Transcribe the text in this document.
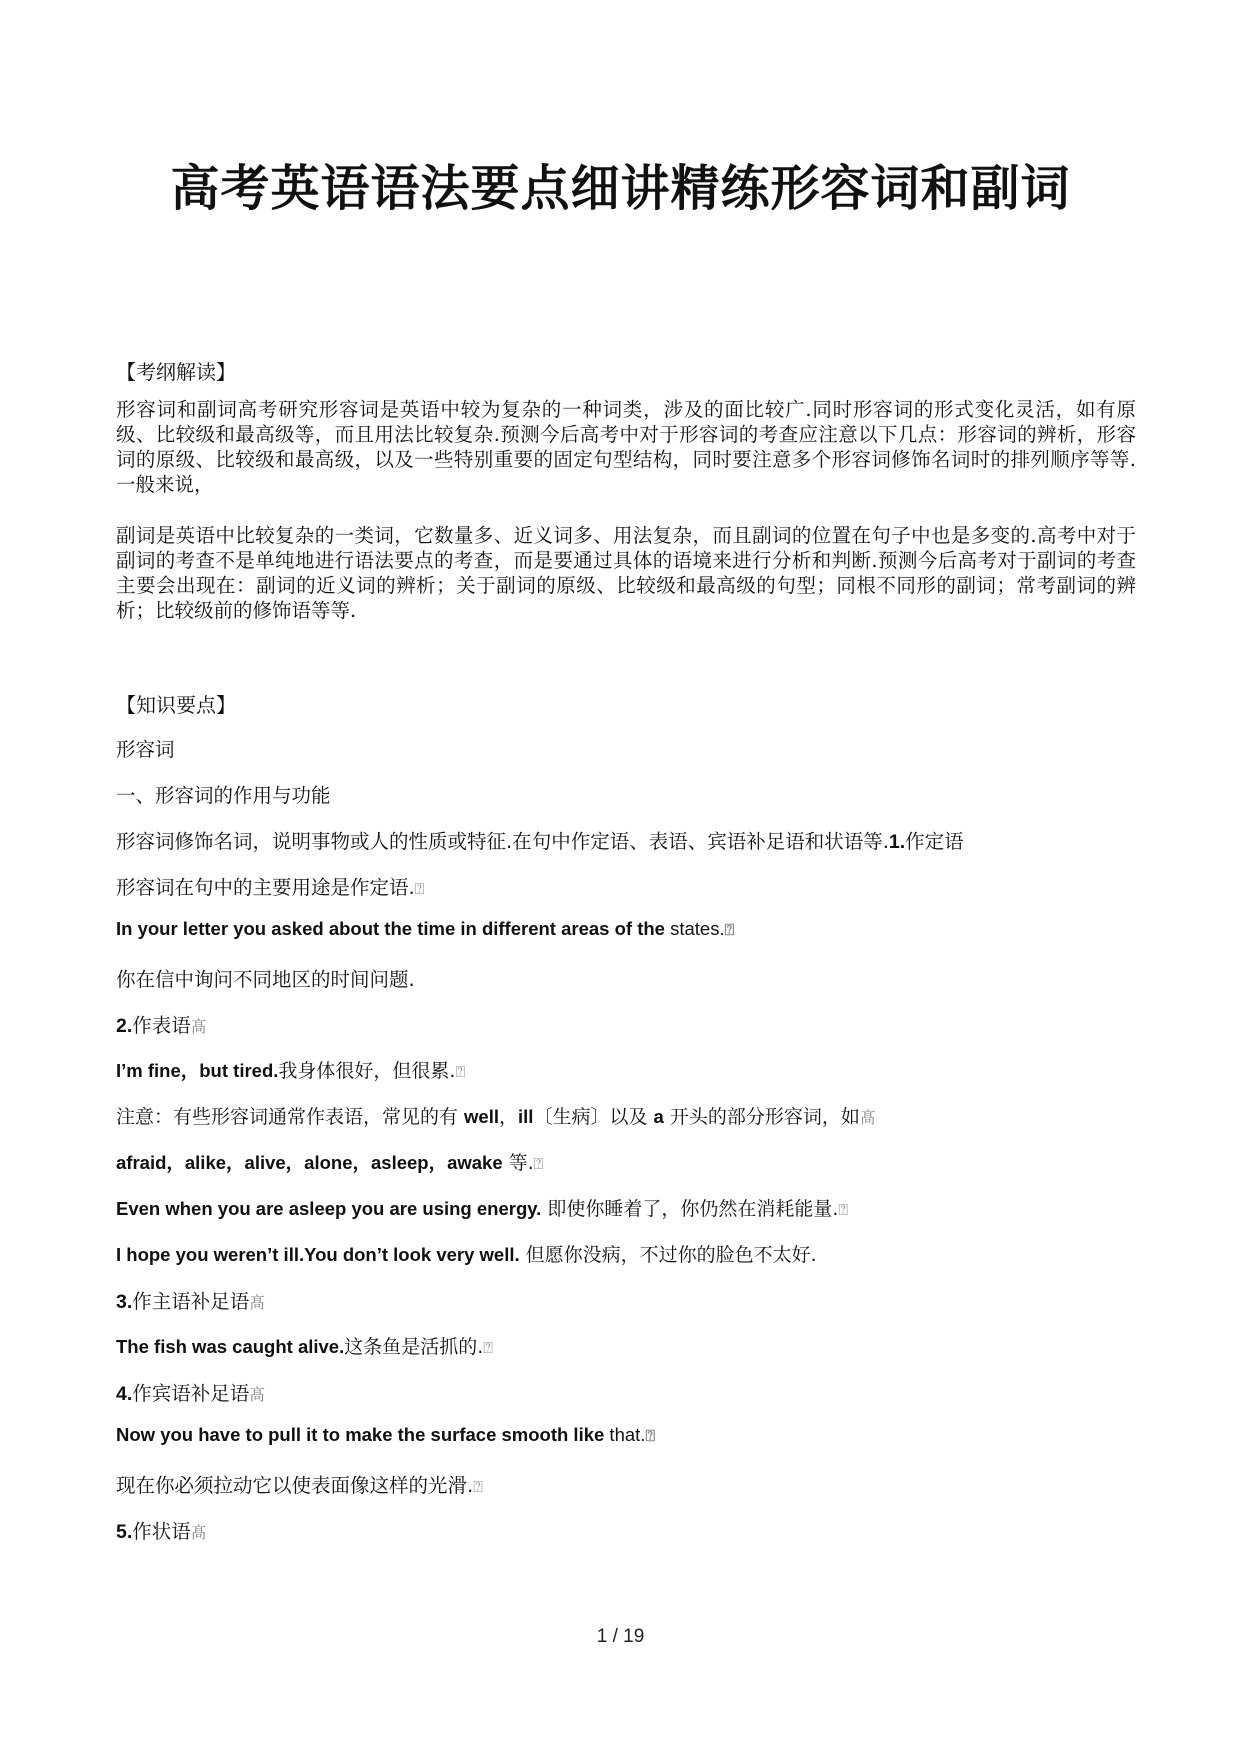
高考英语语法要点细讲精练形容词和副词
【考纲解读】
形容词和副词高考研究形容词是英语中较为复杂的一种词类，涉及的面比较广.同时形容词的形式变化灵活，如有原级、比较级和最高级等，而且用法比较复杂.预测今后高考中对于形容词的考查应注意以下几点：形容词的辨析，形容词的原级、比较级和最高级，以及一些特别重要的固定句型结构，同时要注意多个形容词修饰名词时的排列顺序等等.一般来说，
副词是英语中比较复杂的一类词，它数量多、近义词多、用法复杂，而且副词的位置在句子中也是多变的.高考中对于副词的考查不是单纯地进行语法要点的考查，而是要通过具体的语境来进行分析和判断.预测今后高考对于副词的考查主要会出现在：副词的近义词的辨析；关于副词的原级、比较级和最高级的句型；同根不同形的副词；常考副词的辨析；比较级前的修饰语等等.
【知识要点】
形容词
一、形容词的作用与功能
形容词修饰名词，说明事物或人的性质或特征.在句中作定语、表语、宾语补足语和状语等.1.作定语
形容词在句中的主要用途是作定语.⍰
In your letter you asked about the time in different areas of the states.⍰
你在信中询问不同地区的时间问题.
2.作表语髙
I’m fine，but tired.我身体很好，但很累.⍰
注意：有些形容词通常作表语，常见的有 well，ill〔生病〕以及 a 开头的部分形容词，如髙
afraid，alike，alive，alone，asleep，awake 等.⍰
Even when you are asleep you are using energy. 即使你睡着了，你仍然在消耗能量.⍰
I hope you weren’t ill.You don’t look very well. 但愿你没病，不过你的脸色不太好.
3.作主语补足语髙
The fish was caught alive.这条鱼是活抓的.⍰
4.作宾语补足语髙
Now you have to pull it to make the surface smooth like that.⍰
现在你必须拉动它以使表面像这样的光滑.⍰
5.作状语髙
1 / 19
